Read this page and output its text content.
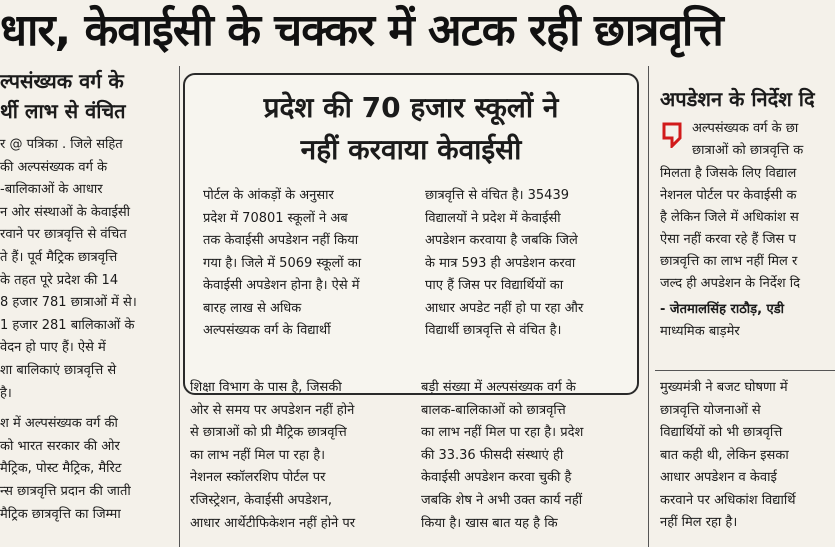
धार, केवाईसी के चक्कर में अटक रही छात्रवृत्ति

ल्पसंख्यक वर्ग के

र्थी लाभ से वंचित

र @ पत्रिका . जिले सहित

की अल्पसंख्यक वर्ग के

-बालिकाओं के आधार

न ओर संस्थाओं के केवाईसी

रवाने पर छात्रवृत्ति से वंचित

ते हैं। पूर्व मैट्रिक छात्रवृत्ति

के तहत पूरे प्रदेश की 14

8 हजार 781 छात्राओं में से।

1 हजार 281 बालिकाओं के

वेदन हो पाए हैं। ऐसे में

शा बालिकाएं छात्रवृत्ति से

है।

श में अल्पसंख्यक वर्ग की

को भारत सरकार की ओर

मैट्रिक, पोस्ट मैट्रिक, मैरिट

न्स छात्रवृत्ति प्रदान की जाती

मैट्रिक छात्रवृत्ति का जिम्मा

प्रदेश की 70 हजार स्कूलों ने
नहीं करवाया केवाईसी

पोर्टल के आंकड़ों के अनुसार

प्रदेश में 70801 स्कूलों ने अब

तक केवाईसी अपडेशन नहीं किया

गया है। जिले में 5069 स्कूलों का

केवाईसी अपडेशन होना है। ऐसे में

बारह लाख से अधिक

अल्पसंख्यक वर्ग के विद्यार्थी

छात्रवृत्ति से वंचित है। 35439

विद्यालयों ने प्रदेश में केवाईसी

अपडेशन करवाया है जबकि जिले

के मात्र 593 ही अपडेशन करवा

पाए हैं जिस पर विद्यार्थियों का

आधार अपडेट नहीं हो पा रहा और

विद्यार्थी छात्रवृत्ति से वंचित है।

शिक्षा विभाग के पास है, जिसकी

ओर से समय पर अपडेशन नहीं होने

से छात्राओं को प्री मैट्रिक छात्रवृत्ति

का लाभ नहीं मिल पा रहा है।

नेशनल स्कॉलरशिप पोर्टल पर

रजिस्ट्रेशन, केवाईसी अपडेशन,

आधार आर्थेटीफिकेशन नहीं होने पर

बड़ी संख्या में अल्पसंख्यक वर्ग के

बालक-बालिकाओं को छात्रवृत्ति

का लाभ नहीं मिल पा रहा है। प्रदेश

की 33.36 फीसदी संस्थाएं ही

केवाईसी अपडेशन करवा चुकी है

जबकि शेष ने अभी उक्त कार्य नहीं

किया है। खास बात यह है कि

अपडेशन के निर्देश दि

अल्पसंख्यक वर्ग के छा

छात्राओं को छात्रवृत्ति क

मिलता है जिसके लिए विद्याल

नेशनल पोर्टल पर केवाईसी क

है लेकिन जिले में अधिकांश स

ऐसा नहीं करवा रहे हैं जिस प

छात्रवृत्ति का लाभ नहीं मिल र

जल्द ही अपडेशन के निर्देश दि

- जेतमालसिंह राठौड़, एडी

माध्यमिक बाड़मेर

मुख्यमंत्री ने बजट घोषणा में

छात्रवृत्ति योजनाओं से

विद्यार्थियों को भी छात्रवृत्ति

बात कही थी, लेकिन इसका

आधार अपडेशन व केवाई

करवाने पर अधिकांश विद्यार्थि

नहीं मिल रहा है।
